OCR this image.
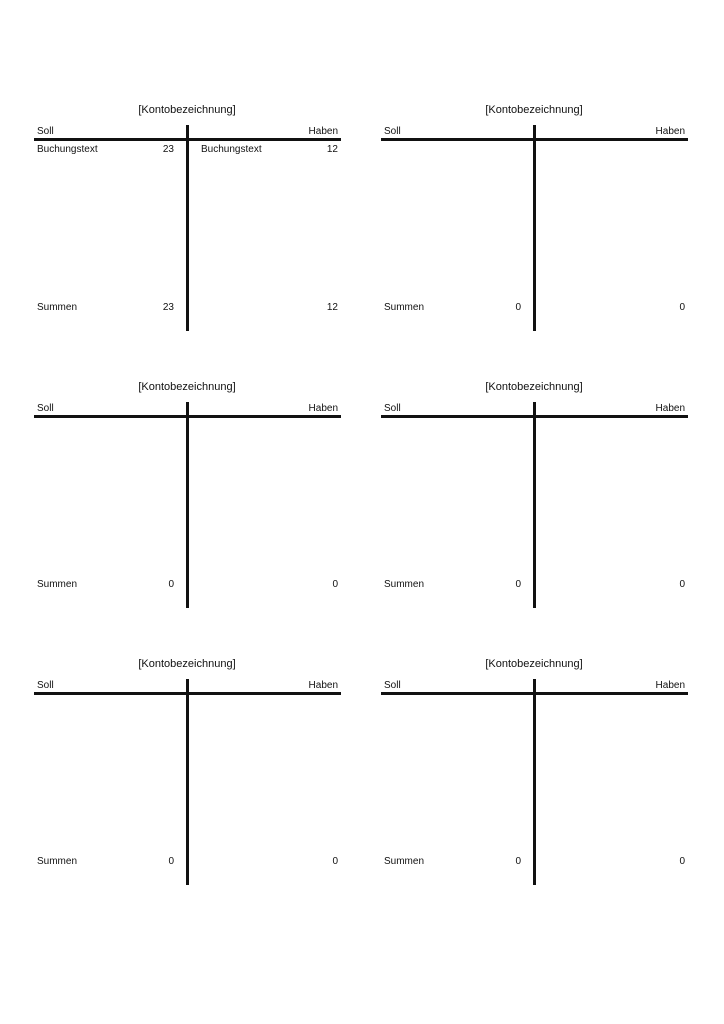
[Kontobezeichnung]
Soll	Haben
Buchungstext	23	Buchungstext	12
Summen	23	12
[Kontobezeichnung]
Soll	Haben
Summen	0	0
[Kontobezeichnung]
Soll	Haben
Summen	0	0
[Kontobezeichnung]
Soll	Haben
Summen	0	0
[Kontobezeichnung]
Soll	Haben
Summen	0	0
[Kontobezeichnung]
Soll	Haben
Summen	0	0
